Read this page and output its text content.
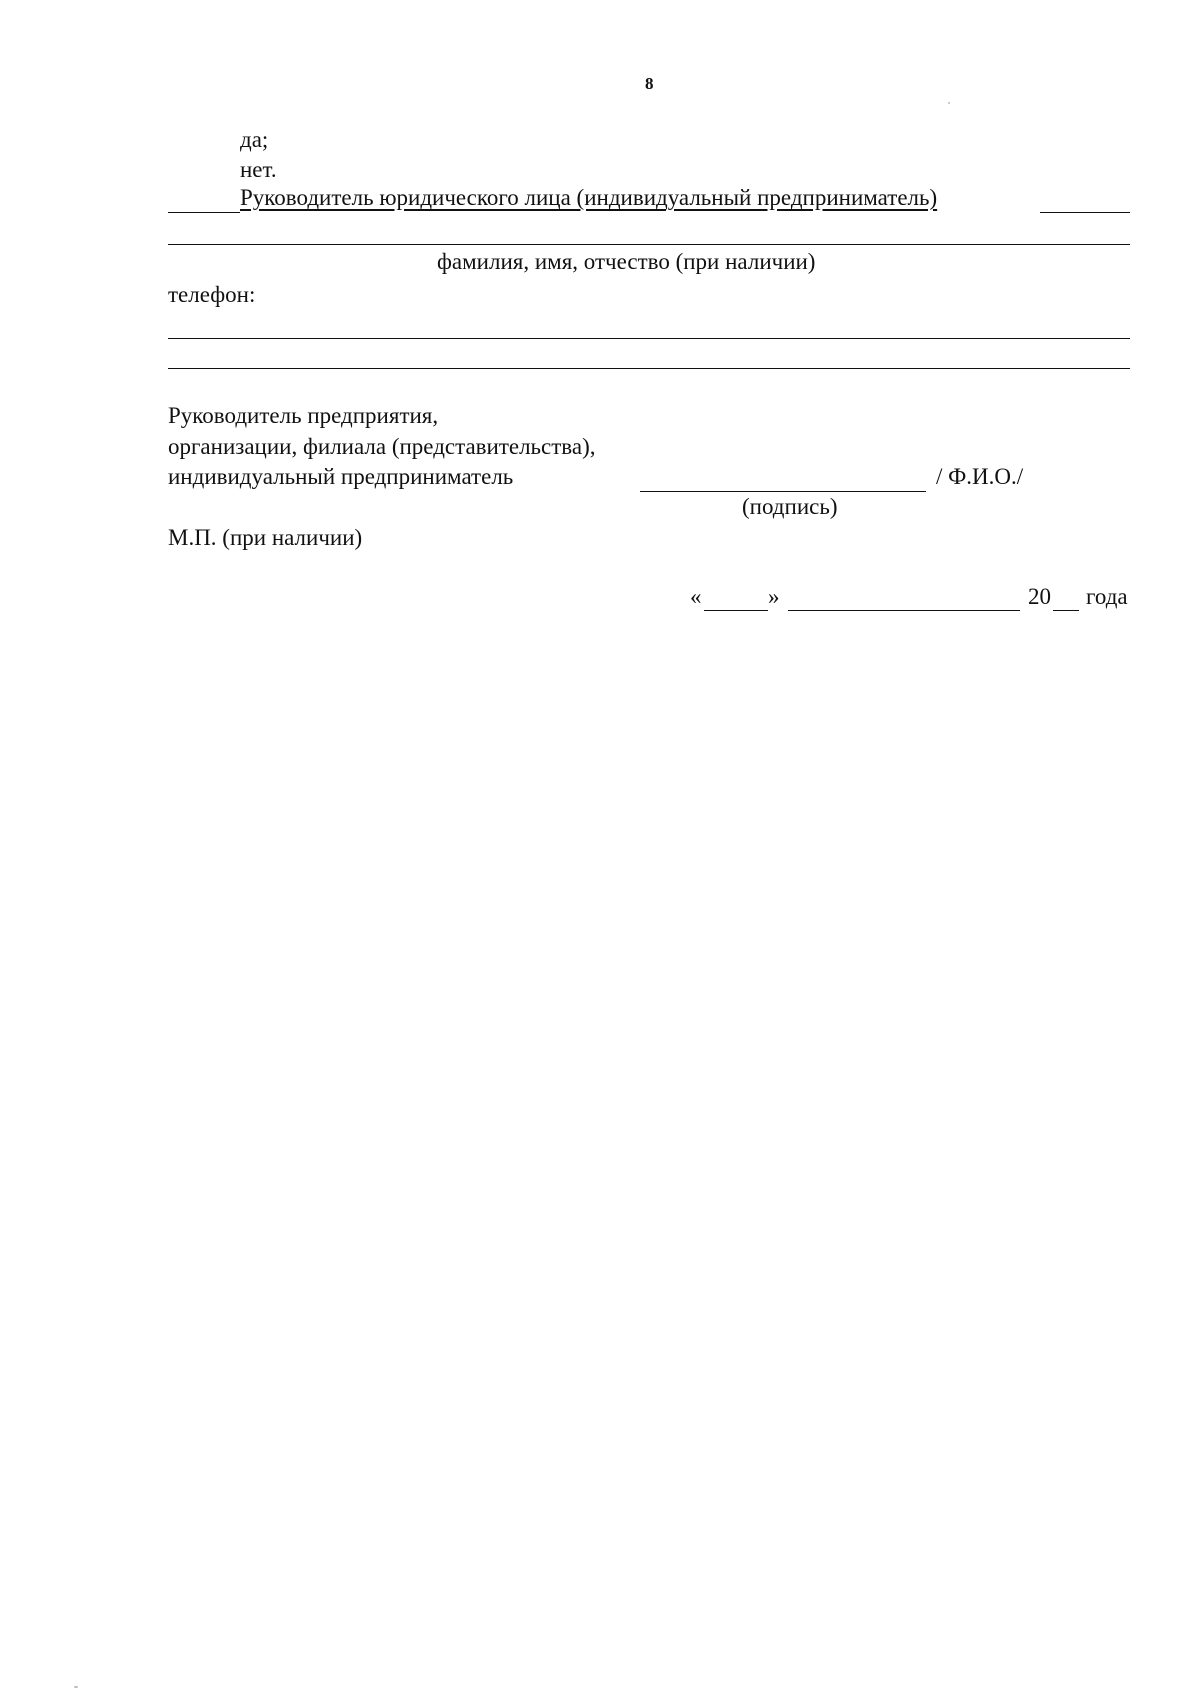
8
да;
нет.
Руководитель юридического лица (индивидуальный предприниматель)
фамилия, имя, отчество (при наличии)
телефон:
Руководитель предприятия,
организации, филиала (представительства),
индивидуальный предприниматель	/ Ф.И.О./
(подпись)
М.П. (при наличии)
«	»	20 года
